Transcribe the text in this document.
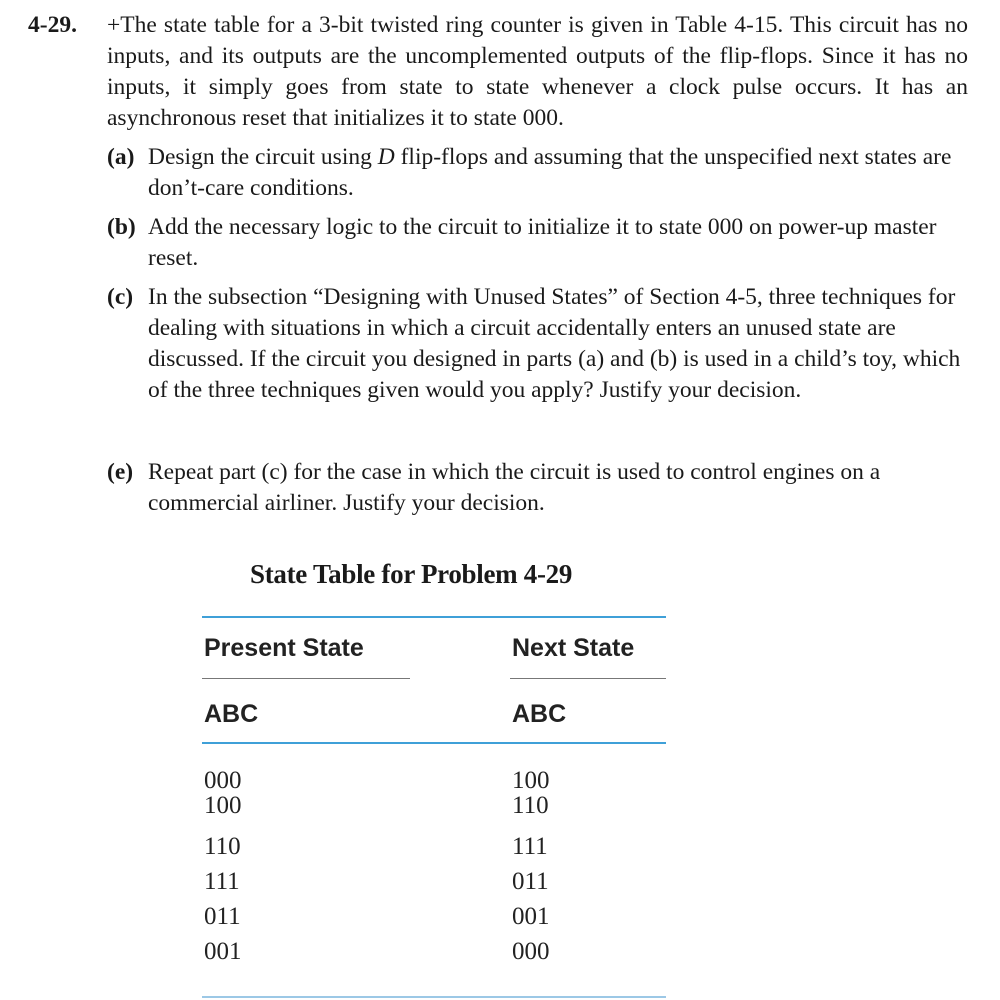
4-29. +The state table for a 3-bit twisted ring counter is given in Table 4-15. This circuit has no inputs, and its outputs are the uncomplemented outputs of the flip-flops. Since it has no inputs, it simply goes from state to state whenever a clock pulse occurs. It has an asynchronous reset that initializes it to state 000.
(a) Design the circuit using D flip-flops and assuming that the unspecified next states are don’t-care conditions.
(b) Add the necessary logic to the circuit to initialize it to state 000 on power-up master reset.
(c) In the subsection “Designing with Unused States” of Section 4-5, three techniques for dealing with situations in which a circuit accidentally enters an unused state are discussed. If the circuit you designed in parts (a) and (b) is used in a child’s toy, which of the three techniques given would you apply? Justify your decision.
(e) Repeat part (c) for the case in which the circuit is used to control engines on a commercial airliner. Justify your decision.
State Table for Problem 4-29
Present State	Next State
ABC	ABC
000	100
100	110
110	111
111	011
011	001
001	000
